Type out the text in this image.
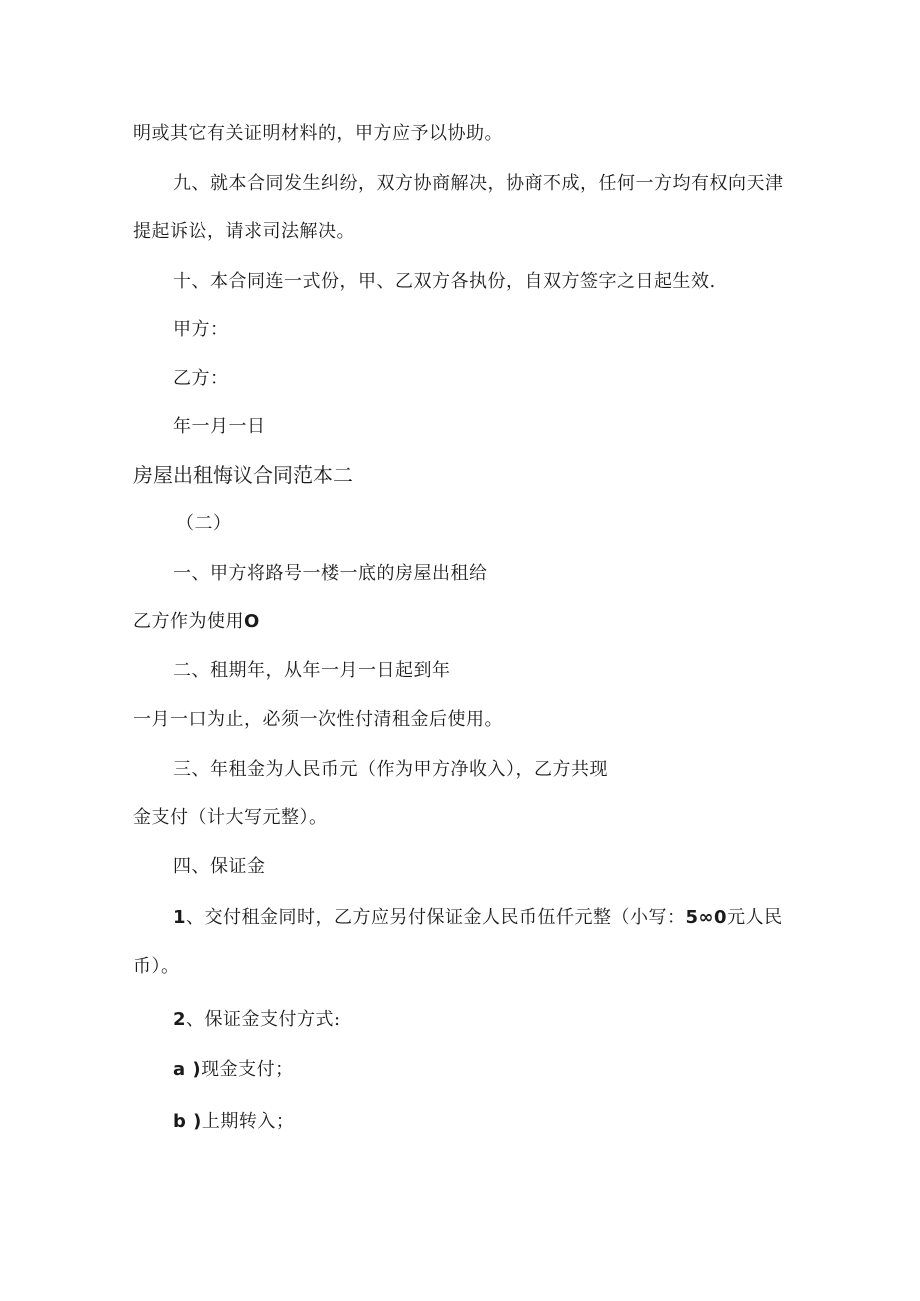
明或其它有关证明材料的，甲方应予以协助。
九、就本合同发生纠纷，双方协商解决，协商不成，任何一方均有权向天津
提起诉讼，请求司法解决。
十、本合同连一式份，甲、乙双方各执份，自双方签字之日起生效.
甲方：
乙方：
年一月一日
房屋出租悔议合同范本二
（二）
一、甲方将路号一楼一底的房屋出租给
乙方作为使用O
二、租期年，从年一月一日起到年
一月一口为止，必须一次性付清租金后使用。
三、年租金为人民币元（作为甲方净收入），乙方共现
金支付（计大写元整）。
四、保证金
1、交付租金同时，乙方应另付保证金人民币伍仟元整（小写：5∞0元人民
币）。
2、保证金支付方式:
a )现金支付；
b )上期转入；
